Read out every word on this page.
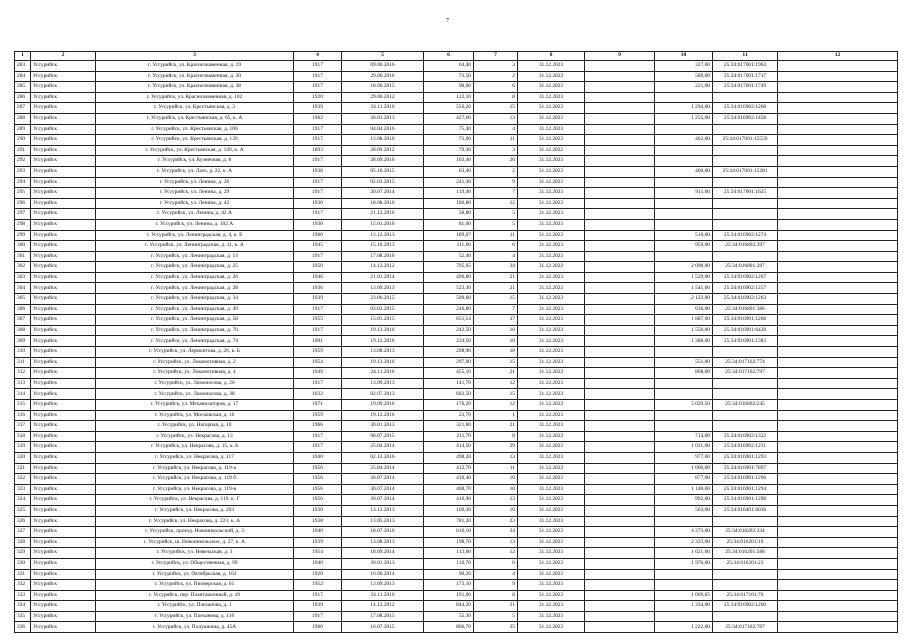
7
1	2	3	4	5	6	7	8	9	10	11	12
283	Уссурийск	г. Уссурийск, ул. Краснознаменная, д. 19	1917	09.06.2016	64,40	3	31.12.2023		327,00	25:34:017001:1963	
284	Уссурийск	г. Уссурийск, ул. Краснознаменная, д. 30	1917	29.06.2016	73,50	2	31.12.2023		589,00	25:34:017001:1717	
285	Уссурийск	г. Уссурийск, ул. Краснознаменная, д. 38	1917	18.06.2015	98,00	6	31.12.2023		221,00	25:34:017001:1749	
286	Уссурийск	г. Уссурийск, ул. Краснознаменная, д. 102	1920	29.06.2012	122,10	8	31.12.2023				
287	Уссурийск	г. Уссурийск, ул. Крестьянская, д. 3	1939	24.11.2016	556,20	15	31.12.2023		1 294,00	25:34:016902:1268	
288	Уссурийск	г. Уссурийск, ул. Крестьянская, д. 65, к. А	1962	30.01.2013	427,60	13	31.12.2023		1 255,00	25:34:016902:1458	
289	Уссурийск	г. Уссурийск, ул. Крестьянская, д. 106	1917	04.04.2016	75,40	4	31.12.2023				
290	Уссурийск	г. Уссурийск, ул. Крестьянская, д. 139	1917	13.08.2016	73,00	11	31.12.2023		462,00	25:34:017001:15559	
291	Уссурийск	г. Уссурийск, ул. Крестьянская, д. 149, к. А	1893	28.09.2012	79,30	3	31.12.2022				
292	Уссурийск	г. Уссурийск, ул. Кузнечная, д. 8	1917	28.09.2016	103,40	26	31.12.2023				
293	Уссурийск	г. Уссурийск, ул. Лазо, д. 22, к. А	1938	05.10.2015	63,40	2	31.12.2023		400,00	25:34:017001:15281	
294	Уссурийск	г. Уссурийск, ул. Ленина, д. 26	1917	02.03.2015	241,30	9	31.12.2023				
295	Уссурийск	г. Уссурийск, ул. Ленина, д. 29	1917	20.07.2014	119,40	7	31.12.2023		911,00	25:34:017001:1625	
296	Уссурийск	г. Уссурийск, ул. Ленина, д. 42	1930	18.08.2016	186,80	12	31.12.2023				
297	Уссурийск	г. Уссурийск, ул. Ленина, д. 42 А	1917	21.12.2016	58,80	5	31.12.2023				
298	Уссурийск	г. Уссурийск, ул. Ленина, д. 102 А	1930	15.01.2016	81,00	5	31.12.2023				
299	Уссурийск	г. Уссурийск, ул. Ленинградская, д. 4, к. Б	1960	13.12.2013	189,07	11	31.12.2023		510,00	25:34:016902:1274	
300	Уссурийск	г. Уссурийск, ул. Ленинградская, д. 11, к. А	1945	15.10.2013	111,60	6	31.12.2023		959,00	25:34:016802:397	
301	Уссурийск	г. Уссурийск, ул. Ленинградская, д. 13	1917	17.08.2016	52,40	4	31.12.2023				
302	Уссурийск	г. Уссурийск, ул. Ленинградская, д. 25	1950	14.12.2012	795,65	34	31.12.2022		2 098,00	25:34:016801:287	
303	Уссурийск	г. Уссурийск, ул. Ленинградская, д. 26	1946	21.01.2014	496,80	21	31.12.2023		1 529,00	25:34:016902:1267	
304	Уссурийск	г. Уссурийск, ул. Ленинградская, д. 28	1936	13.09.2013	523,30	21	31.12.2023		1 541,00	25:34:016902:1257	
305	Уссурийск	г. Уссурийск, ул. Ленинградская, д. 34	1939	23.06.2015	509,60	15	31.12.2023		2 123,00	25:34:016902:1263	
306	Уссурийск	г. Уссурийск, ул. Ленинградская, д. 49	1917	03.03.2015	246,80	7	31.12.2023		636,00	25:34:016801:386	
307	Уссурийск	г. Уссурийск, ул. Ленинградская, д. 58	1955	15.01.2015	651,54	37	31.12.2023		1 887,00	25:34:016901:1268	
308	Уссурийск	г. Уссурийск, ул. Ленинградская, д. 70	1917	19.12.2016	242,50	10	31.12.2023		1 550,00	25:34:016901:6428	
309	Уссурийск	г. Уссурийск, ул. Ленинградская, д. 74	1901	19.12.2016	234,50	10	31.12.2023		1 388,00	25:34:016901:1383	
310	Уссурийск	г. Уссурийск, ул. Лермонтова, д. 26, к. Б	1959	13.08.2013	208,90	18	31.12.2023				
311	Уссурийск	г. Уссурийск, ул. Локомотивная, д. 2	1954	19.12.2016	297,00	15	31.12.2023		551,00	25:34:017102:774	
312	Уссурийск	г. Уссурийск, ул. Локомотивная, д. 4	1949	24.11.2016	455,10	21	31.12.2023		808,00	25:34:017102:797	
313	Уссурийск	г. Уссурийск, ул. Ломоносова, д. 20	1917	13.09.2013	141,70	12	31.12.2023				
314	Уссурийск	г. Уссурийск, ул. Ломоносова, д. 38	1932	02.07.2013	602,50	15	31.12.2023				
315	Уссурийск	г. Уссурийск, ул. Механизаторов, д. 17	1971	19.09.2016	176,20	12	31.12.2023		5 029,50	25:34:016802:245	
316	Уссурийск	г. Уссурийск, ул. Московская, д. 16	1959	19.12.2016	23,70	1	31.12.2023				
317	Уссурийск	г. Уссурийск, ул. Нагорная, д. 10	1966	30.01.2013	321,80	21	31.12.2023				
318	Уссурийск	г. Уссурийск, ул. Некрасова, д. 13	1917	08.07.2015	211,70	8	31.12.2023		714,00	25:34:016902:1322	
319	Уссурийск	г. Уссурийск, ул. Некрасова, д. 15, к. Б	1917	25.04.2014	414,50	29	31.12.2023		1 031,00	25:34:016902:1231	
320	Уссурийск	г. Уссурийск, ул. Некрасова, д. 117	1940	02.12.2016	498,20	13	31.12.2023		977,00	25:34:016901:1293	
321	Уссурийск	г. Уссурийск, ул. Некрасова, д. 119-а	1956	25.04.2014	412,70	11	31.12.2023		1 000,00	25:34:016901:7897	
322	Уссурийск	г. Уссурийск, ул. Некрасова, д. 119 б	1956	30.07.2014	410,40	10	31.12.2023		877,00	25:34:016901:1296	
323	Уссурийск	г. Уссурийск, ул. Некрасова, д. 119-в	1956	30.07.2014	408,70	10	31.12.2023		1 148,00	25:34:016901:1294	
324	Уссурийск	г. Уссурийск, ул. Некрасова, д. 119, к. Г	1956	30.07.2014	410,90	13	31.12.2023		992,00	25:34:016901:1298	
325	Уссурийск	г. Уссурийск, ул. Некрасова, д. 203	1930	13.12.2013	109,30	10	31.12.2023		503,00	25:34:016401:6036	
326	Уссурийск	г. Уссурийск, ул. Некрасова, д. 223, к. А	1938	13.05.2013	781,20	23	31.12.2023				
327	Уссурийск	г. Уссурийск, проезд. Новоникольский, д. 3	1940	18.07.2016	616,10	34	31.12.2023		4 273,00	25:34:016202:334	
328	Уссурийск	г. Уссурийск, ш. Новоникольское, д. 27, к. А	1939	13.08.2013	198,70	13	31.12.2023		2 323,00	25:34:016201:10	
329	Уссурийск	г. Уссурийск, ул. Невельская, д. 3	1954	18.09.2014	113,60	12	31.12.2023		1 621,00	25:34:016201:588	
330	Уссурийск	г. Уссурийск, ул. Общественная, д. 99	1940	30.01.2013	110,70	6	31.12.2023		1 976,00	25:34:016301:23	
331	Уссурийск	г. Уссурийск, ул. Октябрьская, д. 163	1920	16.06.2014	90,20	4	31.12.2023				
332	Уссурийск	г. Уссурийск, ул. Пионерская, д. 61	1952	13.09.2013	173,10	9	31.12.2023				
333	Уссурийск	г. Уссурийск, пер. Планташонный, д. 10	1917	24.11.2016	191,00	8	31.12.2023		1 069,65	25:34:017101:76	
334	Уссурийск	г. Уссурийск, ул. Плеханова, д. 1	1939	14.12.2012	844,20	31	31.12.2023		1 334,00	25:34:016902:1260	
335	Уссурийск	г. Уссурийск, ул. Плеханова, д. 116	1917	17.08.2015	55,30	5	31.12.2023				
336	Уссурийск	г. Уссурийск, ул. Полушкина, д. 45А	1960	16.07.2015	806,70	35	31.12.2023		1 222,00	25:34:017102:787	
